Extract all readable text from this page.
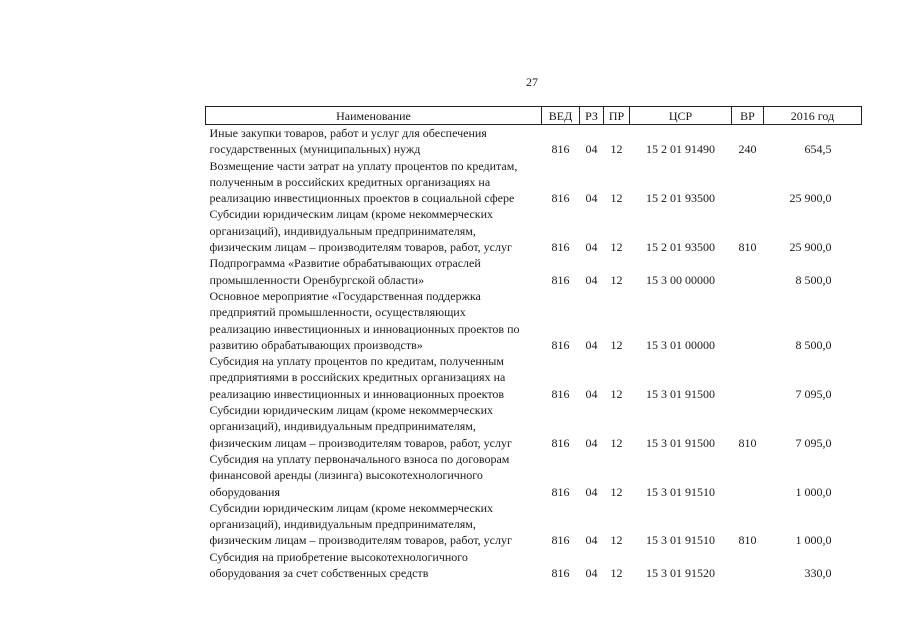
27
Наименование	ВЕД	РЗ	ПР	ЦСР	ВР	2016 год

Иные закупки товаров, работ и услуг для обеспечения
государственных (муниципальных) нужд	816	04	12	15 2 01 91490	240	654,5

Возмещение части затрат на уплату процентов по кредитам,
полученным в российских кредитных организациях на
реализацию инвестиционных проектов в социальной сфере	816	04	12	15 2 01 93500		25 900,0

Субсидии юридическим лицам (кроме некоммерческих
организаций), индивидуальным предпринимателям,
физическим лицам – производителям товаров, работ, услуг	816	04	12	15 2 01 93500	810	25 900,0

Подпрограмма «Развитие обрабатывающих отраслей
промышленности Оренбургской области»	816	04	12	15 3 00 00000		8 500,0

Основное мероприятие «Государственная поддержка
предприятий промышленности, осуществляющих
реализацию инвестиционных и инновационных проектов по
развитию обрабатывающих производств»	816	04	12	15 3 01 00000		8 500,0

Субсидия на уплату процентов по кредитам, полученным
предприятиями в российских кредитных организациях на
реализацию инвестиционных и инновационных проектов	816	04	12	15 3 01 91500		7 095,0

Субсидии юридическим лицам (кроме некоммерческих
организаций), индивидуальным предпринимателям,
физическим лицам – производителям товаров, работ, услуг	816	04	12	15 3 01 91500	810	7 095,0

Субсидия на уплату первоначального взноса по договорам
финансовой аренды (лизинга) высокотехнологичного
оборудования	816	04	12	15 3 01 91510		1 000,0

Субсидии юридическим лицам (кроме некоммерческих
организаций), индивидуальным предпринимателям,
физическим лицам – производителям товаров, работ, услуг	816	04	12	15 3 01 91510	810	1 000,0

Субсидия на приобретение высокотехнологичного
оборудования за счет собственных средств	816	04	12	15 3 01 91520		330,0
